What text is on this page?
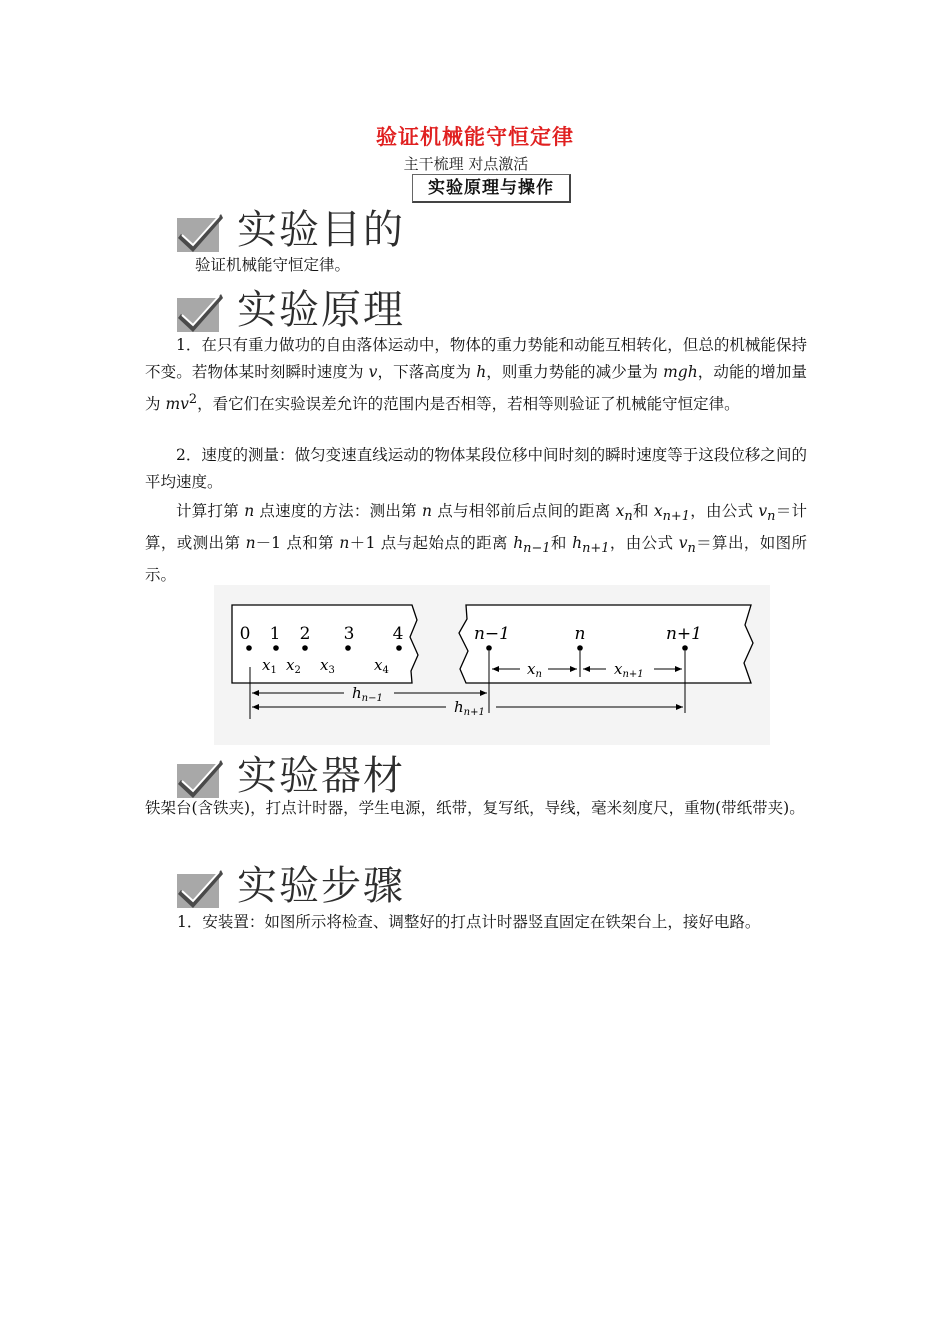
验证机械能守恒定律
主干梳理 对点激活
实验原理与操作
实验目的
验证机械能守恒定律。
实验原理
1．在只有重力做功的自由落体运动中，物体的重力势能和动能互相转化，但总的机械能保持不变。若物体某时刻瞬时速度为 v，下落高度为 h，则重力势能的减少量为 mgh，动能的增加量为 $mv^2$，看它们在实验误差允许的范围内是否相等，若相等则验证了机械能守恒定律。
2．速度的测量：做匀变速直线运动的物体某段位移中间时刻的瞬时速度等于这段位移之间的平均速度。
计算打第 n 点速度的方法：测出第 n 点与相邻前后点间的距离 $x_n$和 $x_{n+1}$，由公式 $v_n=$计算，或测出第 n－1 点和第 n＋1 点与起始点的距离 $h_{n-1}$和 $h_{n+1}$，由公式 $v_n=$算出，如图所示。
0 1 2 3 4
$x_1$ $x_2$ $x_3$	$x_4$
n−1	n	n+1
$x_n$	$x_{n+1}$
$h_{n-1}$	$h_{n+1}$
实验器材
铁架台(含铁夹)，打点计时器，学生电源，纸带，复写纸，导线，毫米刻度尺，重物(带纸带夹)。
实验步骤
1．安装置：如图所示将检查、调整好的打点计时器竖直固定在铁架台上，接好电路。
